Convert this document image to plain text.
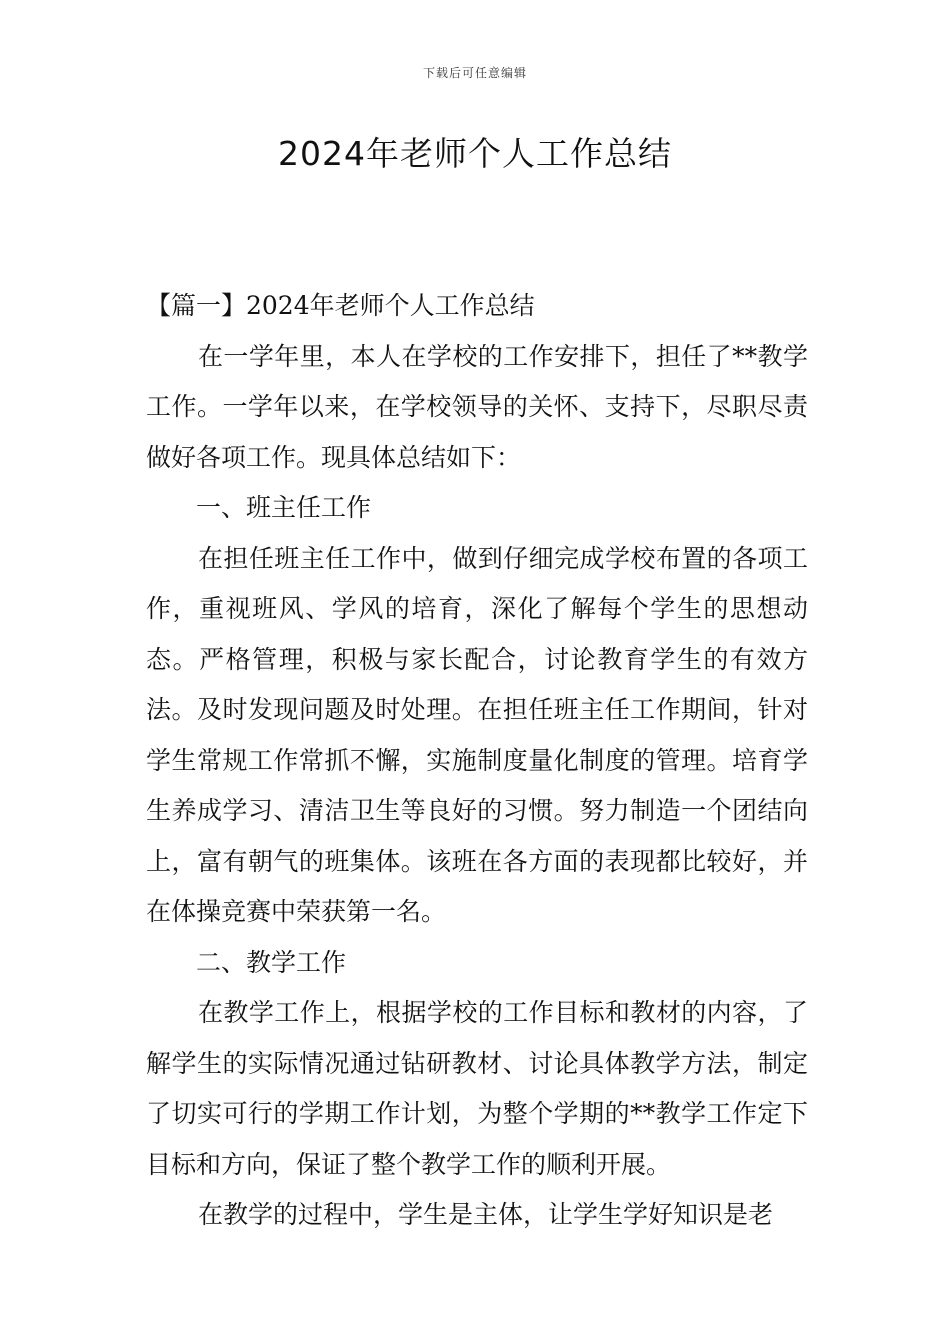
下载后可任意编辑
2024年老师个人工作总结

【篇一】2024年老师个人工作总结

在一学年里，本人在学校的工作安排下，担任了**教学工作。一学年以来，在学校领导的关怀、支持下，尽职尽责做好各项工作。现具体总结如下：

一、班主任工作

在担任班主任工作中，做到仔细完成学校布置的各项工作，重视班风、学风的培育，深化了解每个学生的思想动态。严格管理，积极与家长配合，讨论教育学生的有效方法。及时发现问题及时处理。在担任班主任工作期间，针对学生常规工作常抓不懈，实施制度量化制度的管理。培育学生养成学习、清洁卫生等良好的习惯。努力制造一个团结向上，富有朝气的班集体。该班在各方面的表现都比较好，并在体操竞赛中荣获第一名。

二、教学工作

在教学工作上，根据学校的工作目标和教材的内容，了解学生的实际情况通过钻研教材、讨论具体教学方法，制定了切实可行的学期工作计划，为整个学期的**教学工作定下目标和方向，保证了整个教学工作的顺利开展。

在教学的过程中，学生是主体，让学生学好知识是老
